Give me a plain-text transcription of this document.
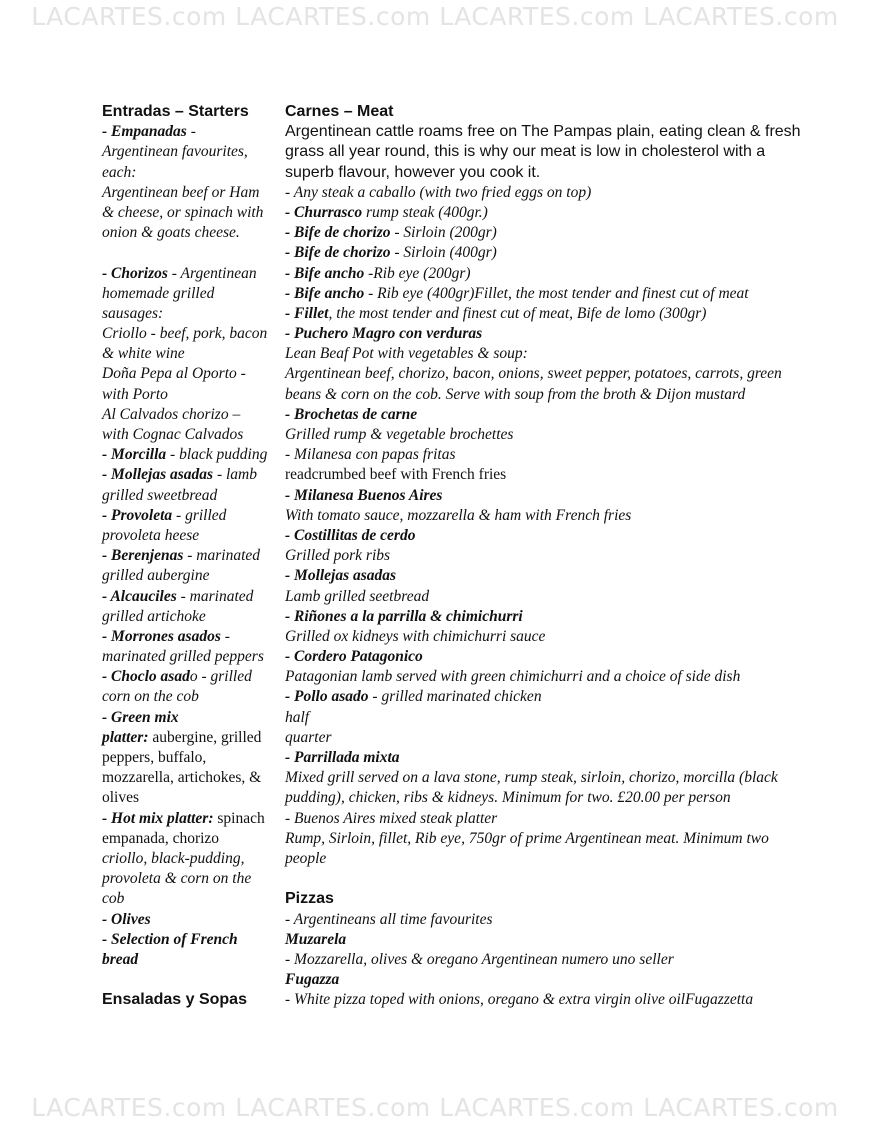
LACARTES.com LACARTES.com LACARTES.com LACARTES.com
LACARTES.com LACARTES.com LACARTES.com LACARTES.com
Entradas – Starters
- Empanadas -
Argentinean favourites,
each:
Argentinean beef or Ham
& cheese, or spinach with
onion & goats cheese.
- Chorizos - Argentinean
homemade grilled
sausages:
Criollo - beef, pork, bacon
& white wine
Doña Pepa al Oporto -
with Porto
Al Calvados chorizo –
with Cognac Calvados
- Morcilla - black pudding
- Mollejas asadas - lamb
grilled sweetbread
- Provoleta - grilled
provoleta heese
- Berenjenas - marinated
grilled aubergine
- Alcauciles - marinated
grilled artichoke
- Morrones asados -
marinated grilled peppers
- Choclo asado - grilled
corn on the cob
- Green mix
platter: aubergine, grilled
peppers, buffalo,
mozzarella, artichokes, &
olives
- Hot mix platter: spinach
empanada, chorizo
criollo, black-pudding,
provoleta & corn on the
cob
- Olives
- Selection of French
bread
Ensaladas y Sopas
Carnes – Meat
Argentinean cattle roams free on The Pampas plain, eating clean & fresh
grass all year round, this is why our meat is low in cholesterol with a
superb flavour, however you cook it.
- Any steak a caballo (with two fried eggs on top)
- Churrasco rump steak (400gr.)
- Bife de chorizo - Sirloin (200gr)
- Bife de chorizo - Sirloin (400gr)
- Bife ancho -Rib eye (200gr)
- Bife ancho - Rib eye (400gr)Fillet, the most tender and finest cut of meat
- Fillet, the most tender and finest cut of meat, Bife de lomo (300gr)
- Puchero Magro con verduras
Lean Beaf Pot with vegetables & soup:
Argentinean beef, chorizo, bacon, onions, sweet pepper, potatoes, carrots, green
beans & corn on the cob. Serve with soup from the broth & Dijon mustard
- Brochetas de carne
Grilled rump & vegetable brochettes
- Milanesa con papas fritas
readcrumbed beef with French fries
- Milanesa Buenos Aires
With tomato sauce, mozzarella & ham with French fries
- Costillitas de cerdo
Grilled pork ribs
- Mollejas asadas
Lamb grilled seetbread
- Riñones a la parrilla & chimichurri
Grilled ox kidneys with chimichurri sauce
- Cordero Patagonico
Patagonian lamb served with green chimichurri and a choice of side dish
- Pollo asado - grilled marinated chicken
half
quarter
- Parrillada mixta
Mixed grill served on a lava stone, rump steak, sirloin, chorizo, morcilla (black
pudding), chicken, ribs & kidneys. Minimum for two. £20.00 per person
- Buenos Aires mixed steak platter
Rump, Sirloin, fillet, Rib eye, 750gr of prime Argentinean meat. Minimum two
people
Pizzas
- Argentineans all time favourites
Muzarela
- Mozzarella, olives & oregano Argentinean numero uno seller
Fugazza
- White pizza toped with onions, oregano & extra virgin olive oilFugazzetta
